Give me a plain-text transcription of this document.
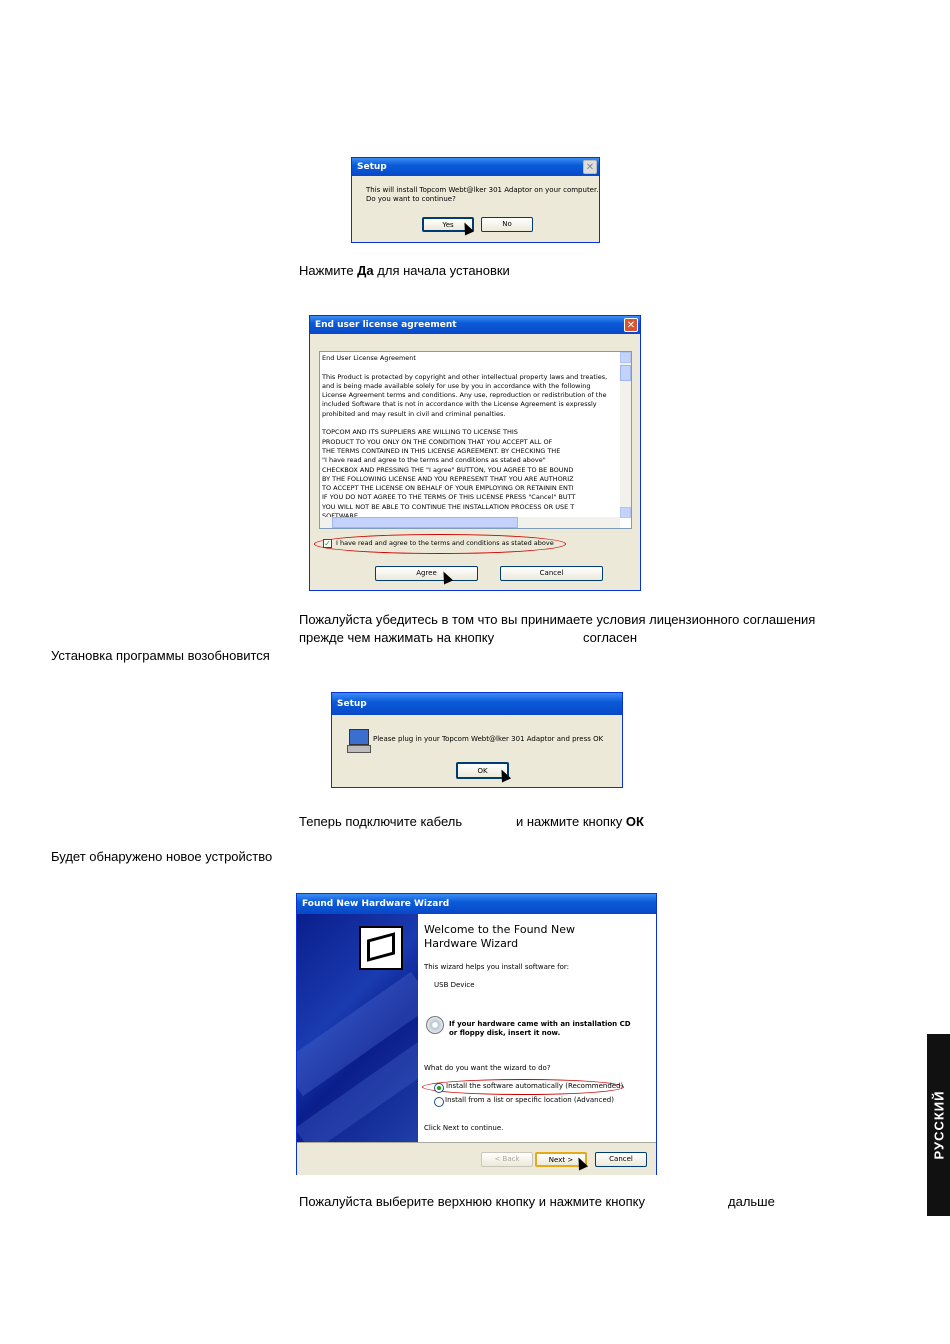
Setup	✕
This will install Topcom Webt@lker 301 Adaptor on your computer.
Do you want to continue?
Yes	No
Нажмите Да для начала установки
End user license agreement	✕
End User License Agreement
This Product is protected by copyright and other intellectual property laws and treaties,
and is being made available solely for use by you in accordance with the following
License Agreement terms and conditions. Any use, reproduction or redistribution of the
included Software that is not in accordance with the License Agreement is expressly
prohibited and may result in civil and criminal penalties.
TOPCOM AND ITS SUPPLIERS ARE WILLING TO LICENSE THIS
PRODUCT TO YOU ONLY ON THE CONDITION THAT YOU ACCEPT ALL OF
THE TERMS CONTAINED IN THIS LICENSE AGREEMENT. BY CHECKING THE
"I have read and agree to the terms and conditions as stated above"
CHECKBOX AND PRESSING THE "I agree" BUTTON, YOU AGREE TO BE BOUND
BY THE FOLLOWING LICENSE AND YOU REPRESENT THAT YOU ARE AUTHORIZ
TO ACCEPT THE LICENSE ON BEHALF OF YOUR EMPLOYING OR RETAININ ENTI
IF YOU DO NOT AGREE TO THE TERMS OF THIS LICENSE PRESS "Cancel" BUTT
YOU WILL NOT BE ABLE TO CONTINUE THE INSTALLATION PROCESS OR USE T
✓ I have read and agree to the terms and conditions as stated above
Agree	Cancel
Пожалуйста убедитесь в том что вы принимаете условия лицензионного соглашения
прежде чем нажимать на кнопку	согласен
Установка программы возобновится
Setup
Please plug in your Topcom Webt@lker 301 Adaptor and press OK
OK
Теперь подключите кабель	и нажмите кнопку ОК
Будет обнаружено новое устройство
Found New Hardware Wizard
Welcome to the Found New
Hardware Wizard
This wizard helps you install software for:
USB Device
If your hardware came with an installation CD
or floppy disk, insert it now.
What do you want the wizard to do?
Install the software automatically (Recommended)
Install from a list or specific location (Advanced)
Click Next to continue.
< Back	Next >	Cancel
Пожалуйста выберите верхнюю кнопку и нажмите кнопку	дальше
РУССКИЙ
